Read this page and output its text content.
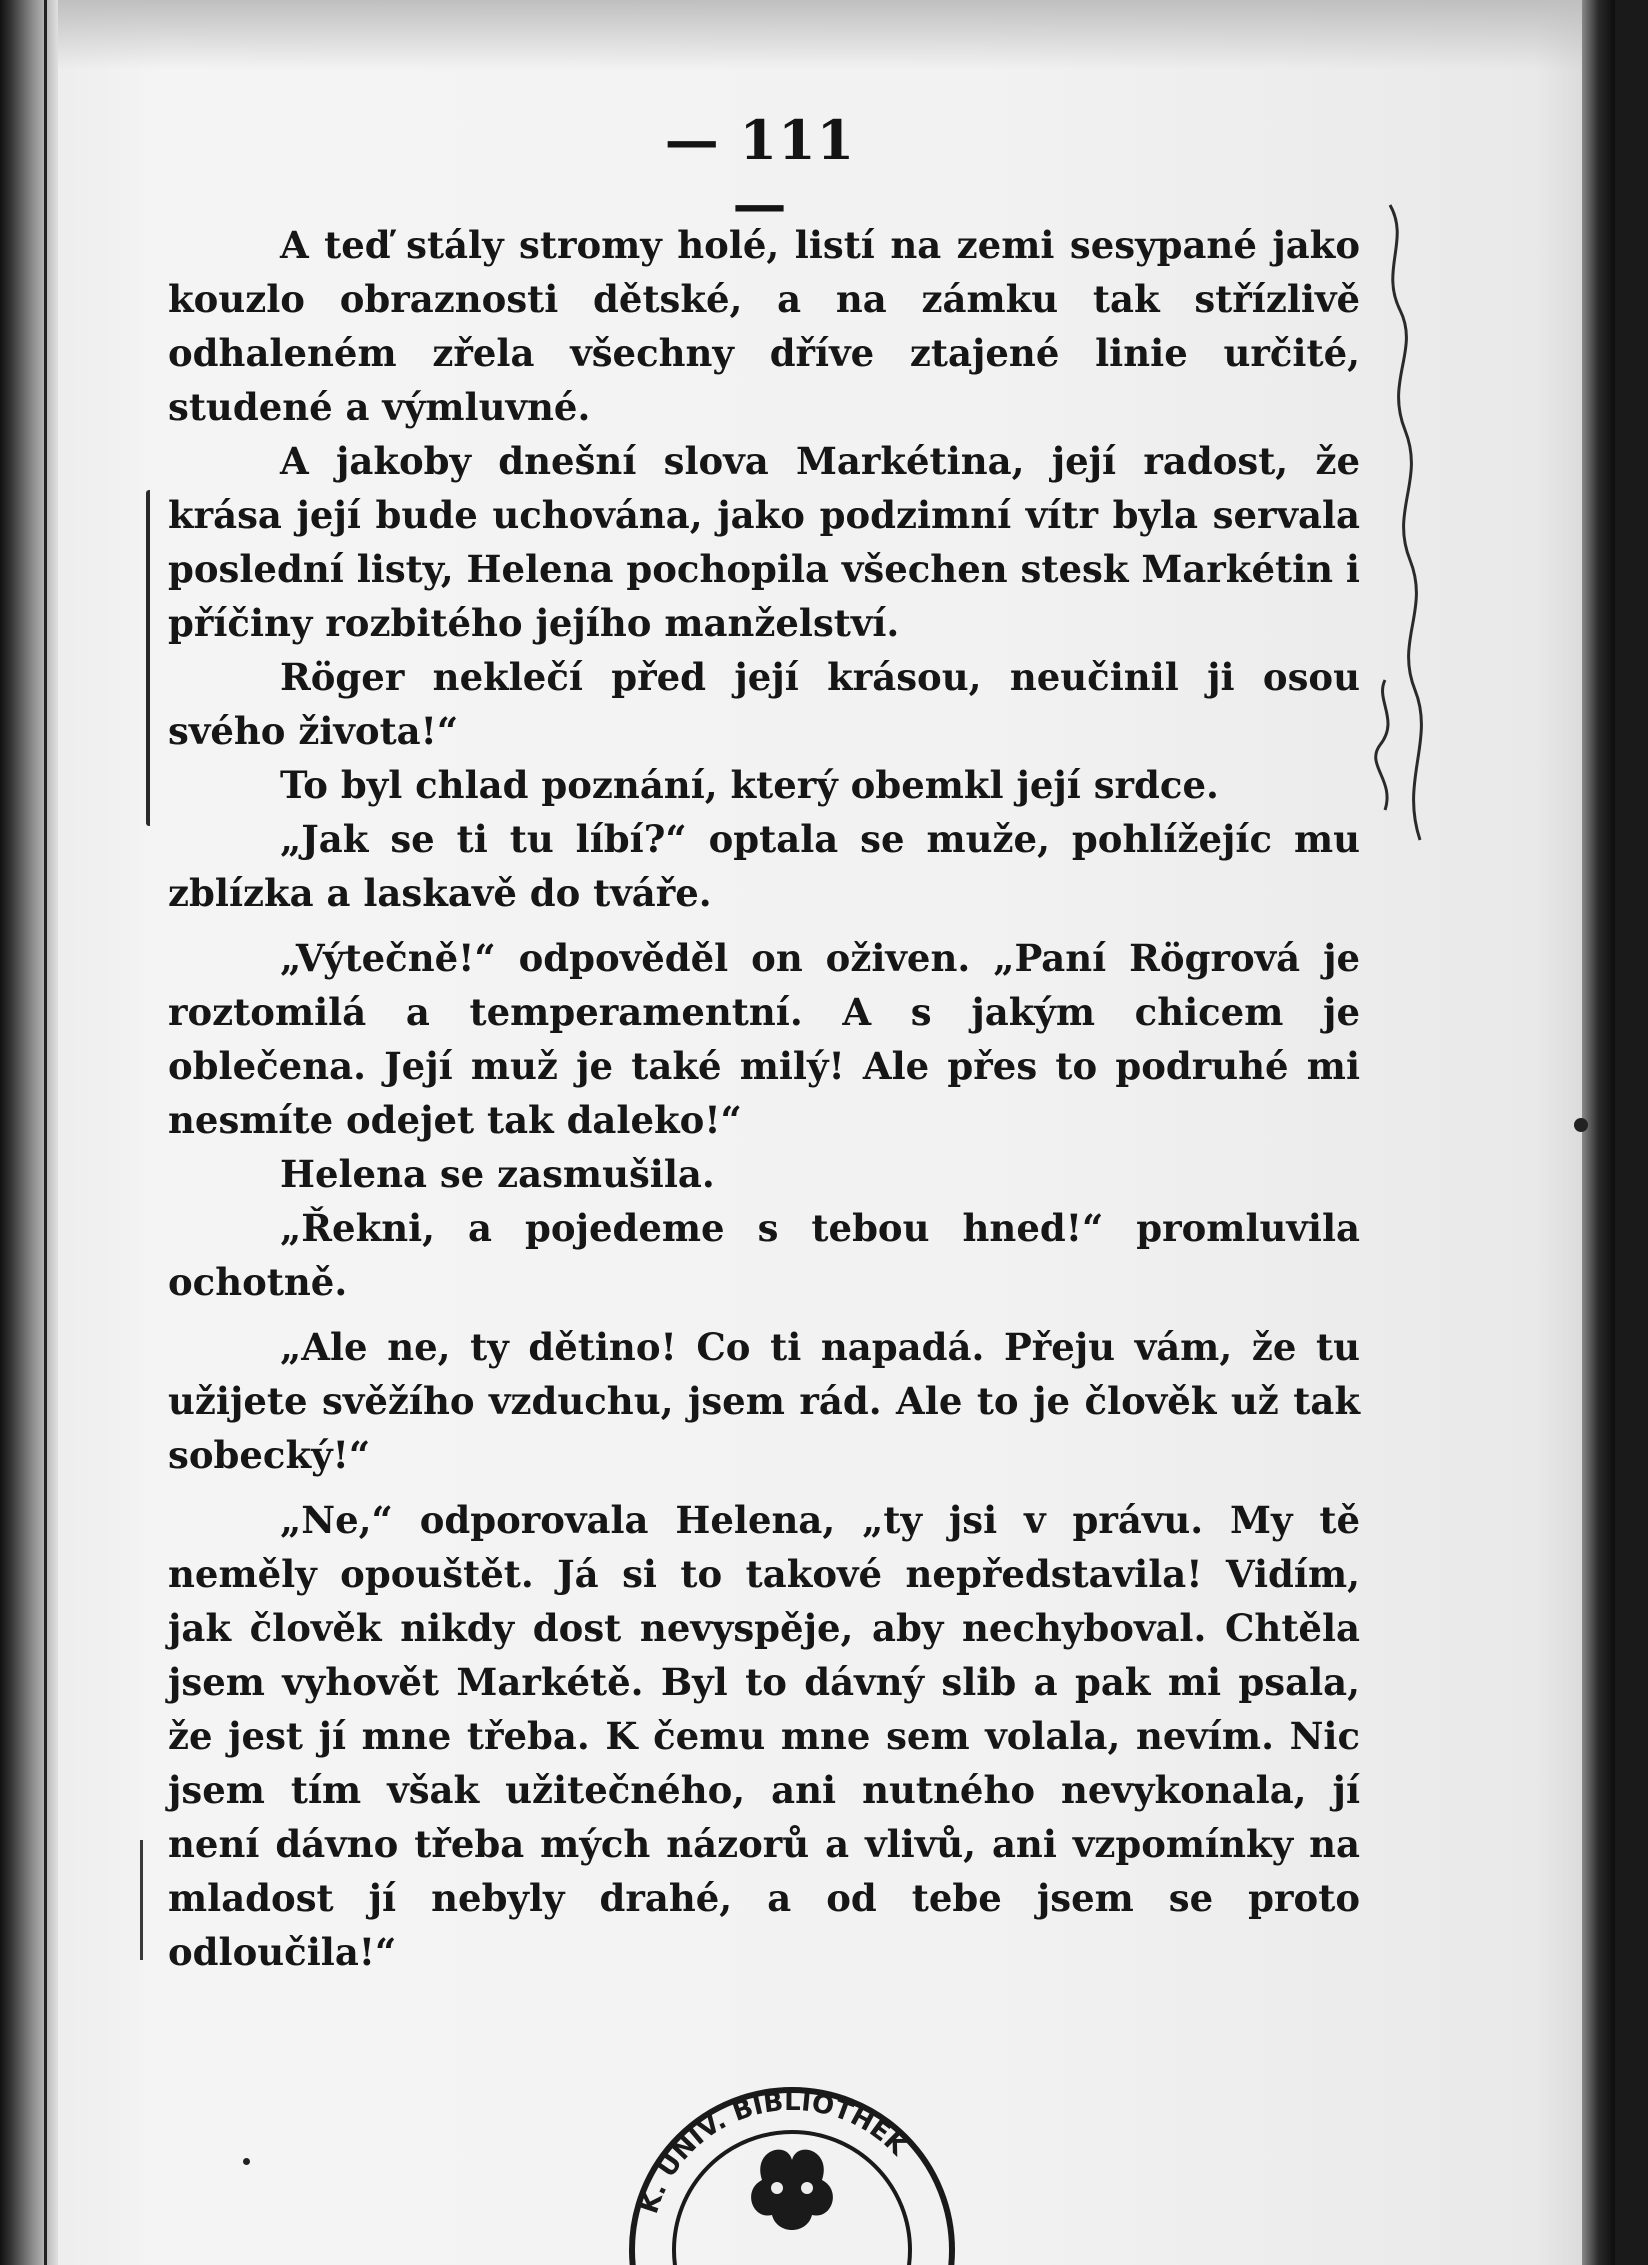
— 111 —

A teď stály stromy holé, listí na zemi sesypané jako kouzlo obraznosti dětské, a na zámku tak střízlivě odhaleném zřela všechny dříve ztajené linie určité, studené a výmluvné.

A jakoby dnešní slova Markétina, její radost, že krása její bude uchována, jako podzimní vítr byla servala poslední listy, Helena pochopila všechen stesk Markétin i příčiny rozbitého jejího manželství.

Röger neklečí před její krásou, neučinil ji osou svého života!“

To byl chlad poznání, který obemkl její srdce.

„Jak se ti tu líbí?“ optala se muže, pohlížejíc mu zblízka a laskavě do tváře.

„Výtečně!“ odpověděl on oživen. „Paní Rögrová je roztomilá a temperamentní. A s jakým chicem je oblečena. Její muž je také milý! Ale přes to podruhé mi nesmíte odejet tak daleko!“

Helena se zasmušila.

„Řekni, a pojedeme s tebou hned!“ promluvila ochotně.

„Ale ne, ty dětino! Co ti napadá. Přeju vám, že tu užijete svěžího vzduchu, jsem rád. Ale to je člověk už tak sobecký!“

„Ne,“ odporovala Helena, „ty jsi v právu. My tě neměly opouštět. Já si to takové nepředstavila! Vidím, jak člověk nikdy dost nevyspěje, aby nechyboval. Chtěla jsem vyhovět Markétě. Byl to dávný slib a pak mi psala, že jest jí mne třeba. K čemu mne sem volala, nevím. Nic jsem tím však užitečného, ani nutného nevykonala, jí není dávno třeba mých názorů a vlivů, ani vzpomínky na mladost jí nebyly drahé, a od tebe jsem se proto odloučila!“

K. UNIV. BIBLIOTHEK
